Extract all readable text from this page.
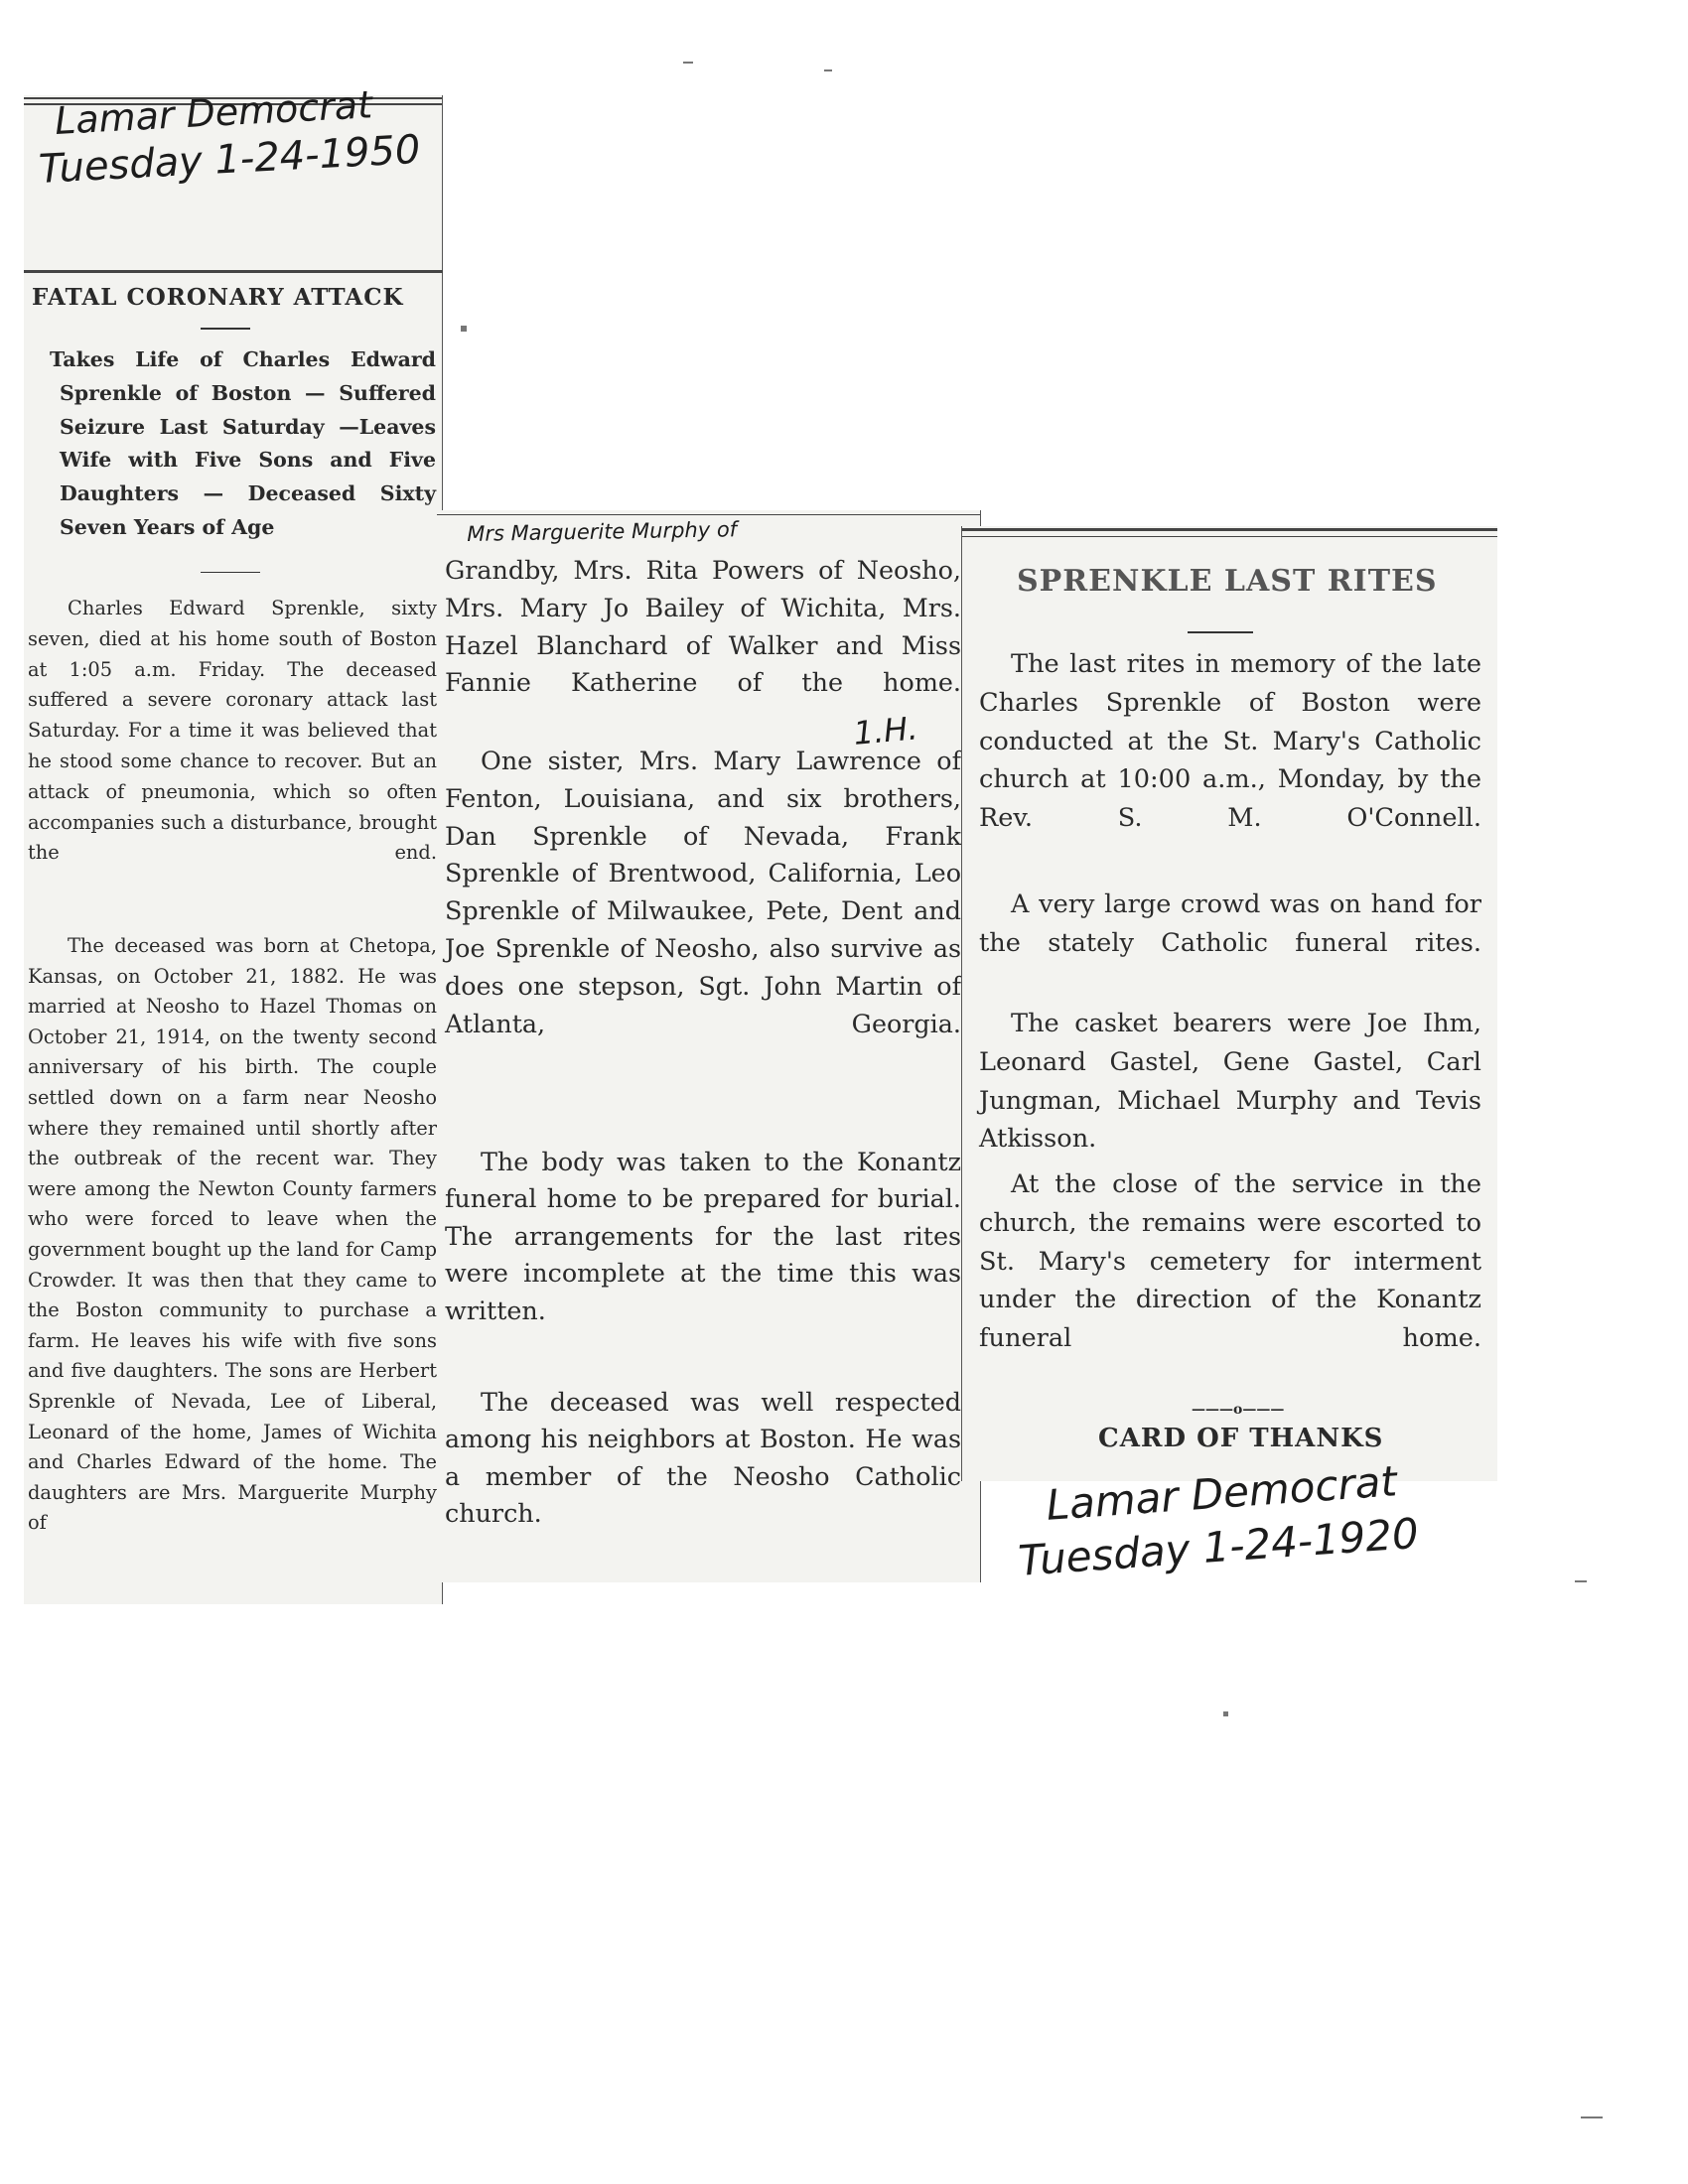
Lamar Democrat
Tuesday 1-24-1950
FATAL CORONARY ATTACK

Takes Life of Charles Edward Sprenkle of Boston — Suffered Seizure Last Saturday —Leaves Wife with Five Sons and Five Daughters — Deceased Sixty Seven Years of Age

Charles Edward Sprenkle, sixty seven, died at his home south of Boston at 1:05 a.m. Friday. The deceased suffered a severe coronary attack last Saturday. For a time it was believed that he stood some chance to recover. But an attack of pneumonia, which so often accompanies such a disturbance, brought the end.

The deceased was born at Chetopa, Kansas, on October 21, 1882. He was married at Neosho to Hazel Thomas on October 21, 1914, on the twenty second anniversary of his birth. The couple settled down on a farm near Neosho where they remained until shortly after the outbreak of the recent war. They were among the Newton County farmers who were forced to leave when the government bought up the land for Camp Crowder. It was then that they came to the Boston community to purchase a farm. He leaves his wife with five sons and five daughters. The sons are Herbert Sprenkle of Nevada, Lee of Liberal, Leonard of the home, James of Wichita and Charles Edward of the home. The daughters are Mrs. Marguerite Murphy of

Mrs Marguerite Murphy of
1.H.

Grandby, Mrs. Rita Powers of Neosho, Mrs. Mary Jo Bailey of Wichita, Mrs. Hazel Blanchard of Walker and Miss Fannie Katherine of the home.

One sister, Mrs. Mary Lawrence of Fenton, Louisiana, and six brothers, Dan Sprenkle of Nevada, Frank Sprenkle of Brentwood, California, Leo Sprenkle of Milwaukee, Pete, Dent and Joe Sprenkle of Neosho, also survive as does one stepson, Sgt. John Martin of Atlanta, Georgia.

The body was taken to the Konantz funeral home to be prepared for burial. The arrangements for the last rites were incomplete at the time this was written.

The deceased was well respected among his neighbors at Boston. He was a member of the Neosho Catholic church.

SPRENKLE LAST RITES

The last rites in memory of the late Charles Sprenkle of Boston were conducted at the St. Mary's Catholic church at 10:00 a.m., Monday, by the Rev. S. M. O'Connell.

A very large crowd was on hand for the stately Catholic funeral rites.

The casket bearers were Joe Ihm, Leonard Gastel, Gene Gastel, Carl Jungman, Michael Murphy and Tevis Atkisson.

At the close of the service in the church, the remains were escorted to St. Mary's cemetery for interment under the direction of the Konantz funeral home.

———o———
CARD OF THANKS
Lamar Democrat
Tuesday 1-24-1920
